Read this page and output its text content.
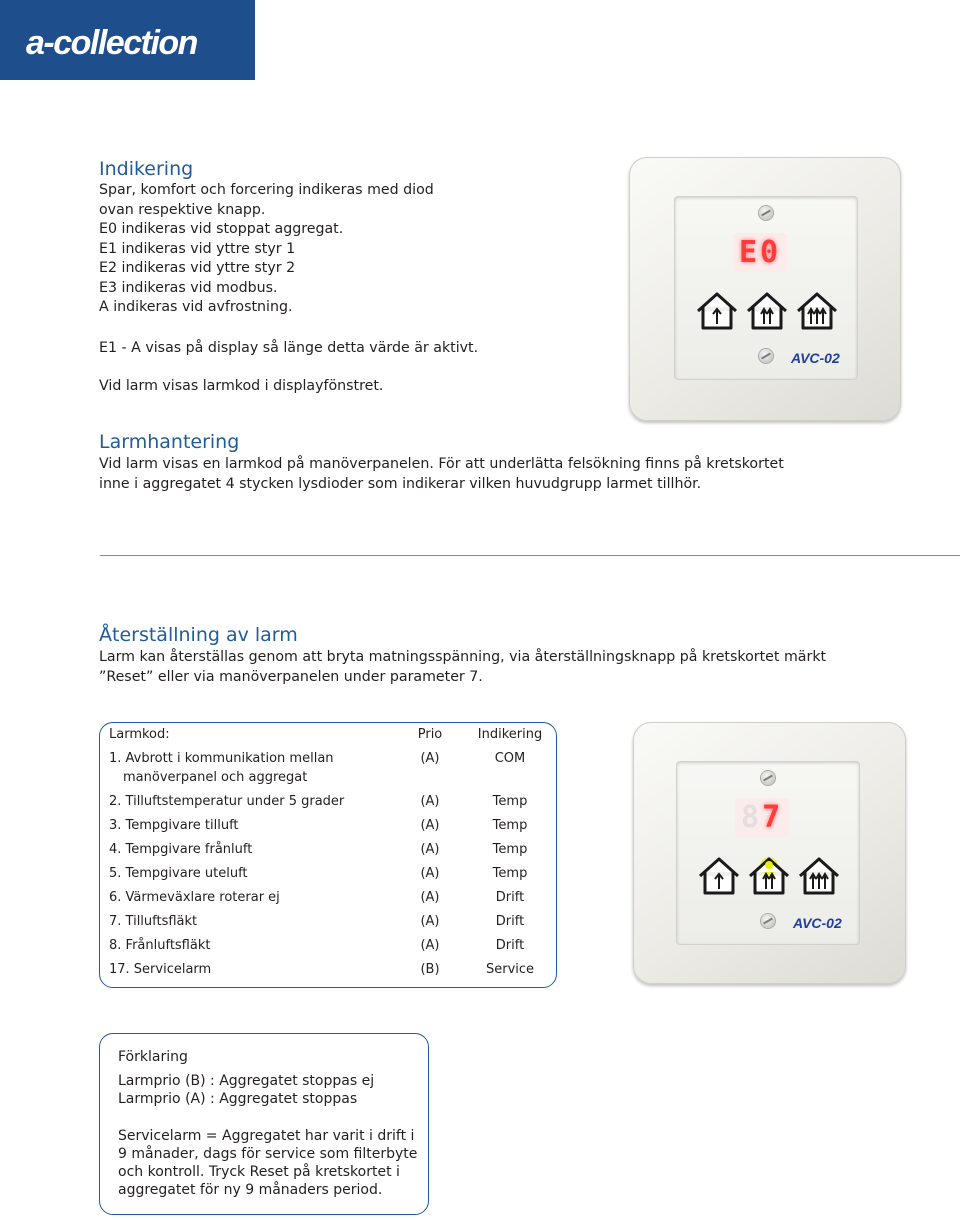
a-collection
Indikering
Spar, komfort och forcering indikeras med diod
ovan respektive knapp.
E0 indikeras vid stoppat aggregat.
E1 indikeras vid yttre styr 1
E2 indikeras vid yttre styr 2
E3 indikeras vid modbus.
A indikeras vid avfrostning.
E1 - A visas på display så länge detta värde är aktivt.
Vid larm visas larmkod i displayfönstret.
E0
AVC-02
Larmhantering
Vid larm visas en larmkod på manöverpanelen. För att underlätta felsökning finns på kretskortet
inne i aggregatet 4 stycken lysdioder som indikerar vilken huvudgrupp larmet tillhör.
Återställning av larm
Larm kan återställas genom att bryta matningsspänning, via återställningsknapp på kretskortet märkt
”Reset” eller via manöverpanelen under parameter 7.
Larmkod:	Prio	Indikering
1. Avbrott i kommunikation mellan	(A)	COM
manöverpanel och aggregat
2. Tilluftstemperatur under 5 grader	(A)	Temp
3. Tempgivare tilluft	(A)	Temp
4. Tempgivare frånluft	(A)	Temp
5. Tempgivare uteluft	(A)	Temp
6. Värmeväxlare roterar ej	(A)	Drift
7. Tilluftsfläkt	(A)	Drift
8. Frånluftsfläkt	(A)	Drift
17. Servicelarm	(B)	Service
87
AVC-02
Förklaring
Larmprio (B) : Aggregatet stoppas ej
Larmprio (A) : Aggregatet stoppas
Servicelarm = Aggregatet har varit i drift i
9 månader, dags för service som filterbyte
och kontroll. Tryck Reset på kretskortet i
aggregatet för ny 9 månaders period.
